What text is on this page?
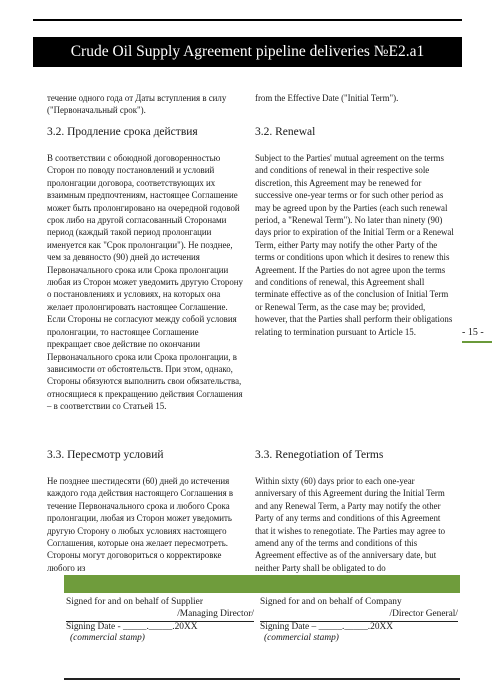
Crude Oil Supply Agreement pipeline deliveries №E2.a1

течение одного года от Даты вступления в силу ("Первоначальный срок").

from the Effective Date ("Initial Term").

3.2. Продление срока действия	3.2. Renewal

В соответствии с обоюдной договоренностью Сторон по поводу постановлений и условий пролонгации договора, соответствующих их взаимным предпочтениям, настоящее Соглашение может быть пролонгировано на очередной годовой срок либо на другой согласованный Сторонами период (каждый такой период пролонгации именуется как "Срок пролонгации"). Не позднее, чем за девяносто (90) дней до истечения Первоначального срока или Срока пролонгации любая из Сторон может уведомить другую Сторону о постановлениях и условиях, на которых она желает пролонгировать настоящее Соглашение. Если Стороны не согласуют между собой условия пролонгации, то настоящее Соглашение прекращает свое действие по окончании Первоначального срока или Срока пролонгации, в зависимости от обстоятельств. При этом, однако, Стороны обязуются выполнить свои обязательства, относящиеся к прекращению действия Соглашения – в соответствии со Статьей 15.

Subject to the Parties' mutual agreement on the terms and conditions of renewal in their respective sole discretion, this Agreement may be renewed for successive one-year terms or for such other period as may be agreed upon by the Parties (each such renewal period, a "Renewal Term"). No later than ninety (90) days prior to expiration of the Initial Term or a Renewal Term, either Party may notify the other Party of the terms or conditions upon which it desires to renew this Agreement. If the Parties do not agree upon the terms and conditions of renewal, this Agreement shall terminate effective as of the conclusion of Initial Term or Renewal Term, as the case may be; provided, however, that the Parties shall perform their obligations relating to termination pursuant to Article 15.	- 15 -
3.3. Пересмотр условий	3.3. Renegotiation of Terms

Не позднее шестидесяти (60) дней до истечения каждого года действия настоящего Соглашения в течение Первоначального срока и любого Срока пролонгации, любая из Сторон может уведомить другую Сторону о любых условиях настоящего Соглашения, которые она желает пересмотреть. Стороны могут договориться о корректировке любого из

Within sixty (60) days prior to each one-year anniversary of this Agreement during the Initial Term and any Renewal Term, a Party may notify the other Party of any terms and conditions of this Agreement that it wishes to renegotiate. The Parties may agree to amend any of the terms and conditions of this Agreement effective as of the anniversary date, but neither Party shall be obligated to do

Signed for and on behalf of Supplier
/Managing Director/
Signing Date - _____._____.20XX
(commercial stamp)
Signed for and on behalf of Company
/Director General/
Signing Date – _____._____.20XX
(commercial stamp)
